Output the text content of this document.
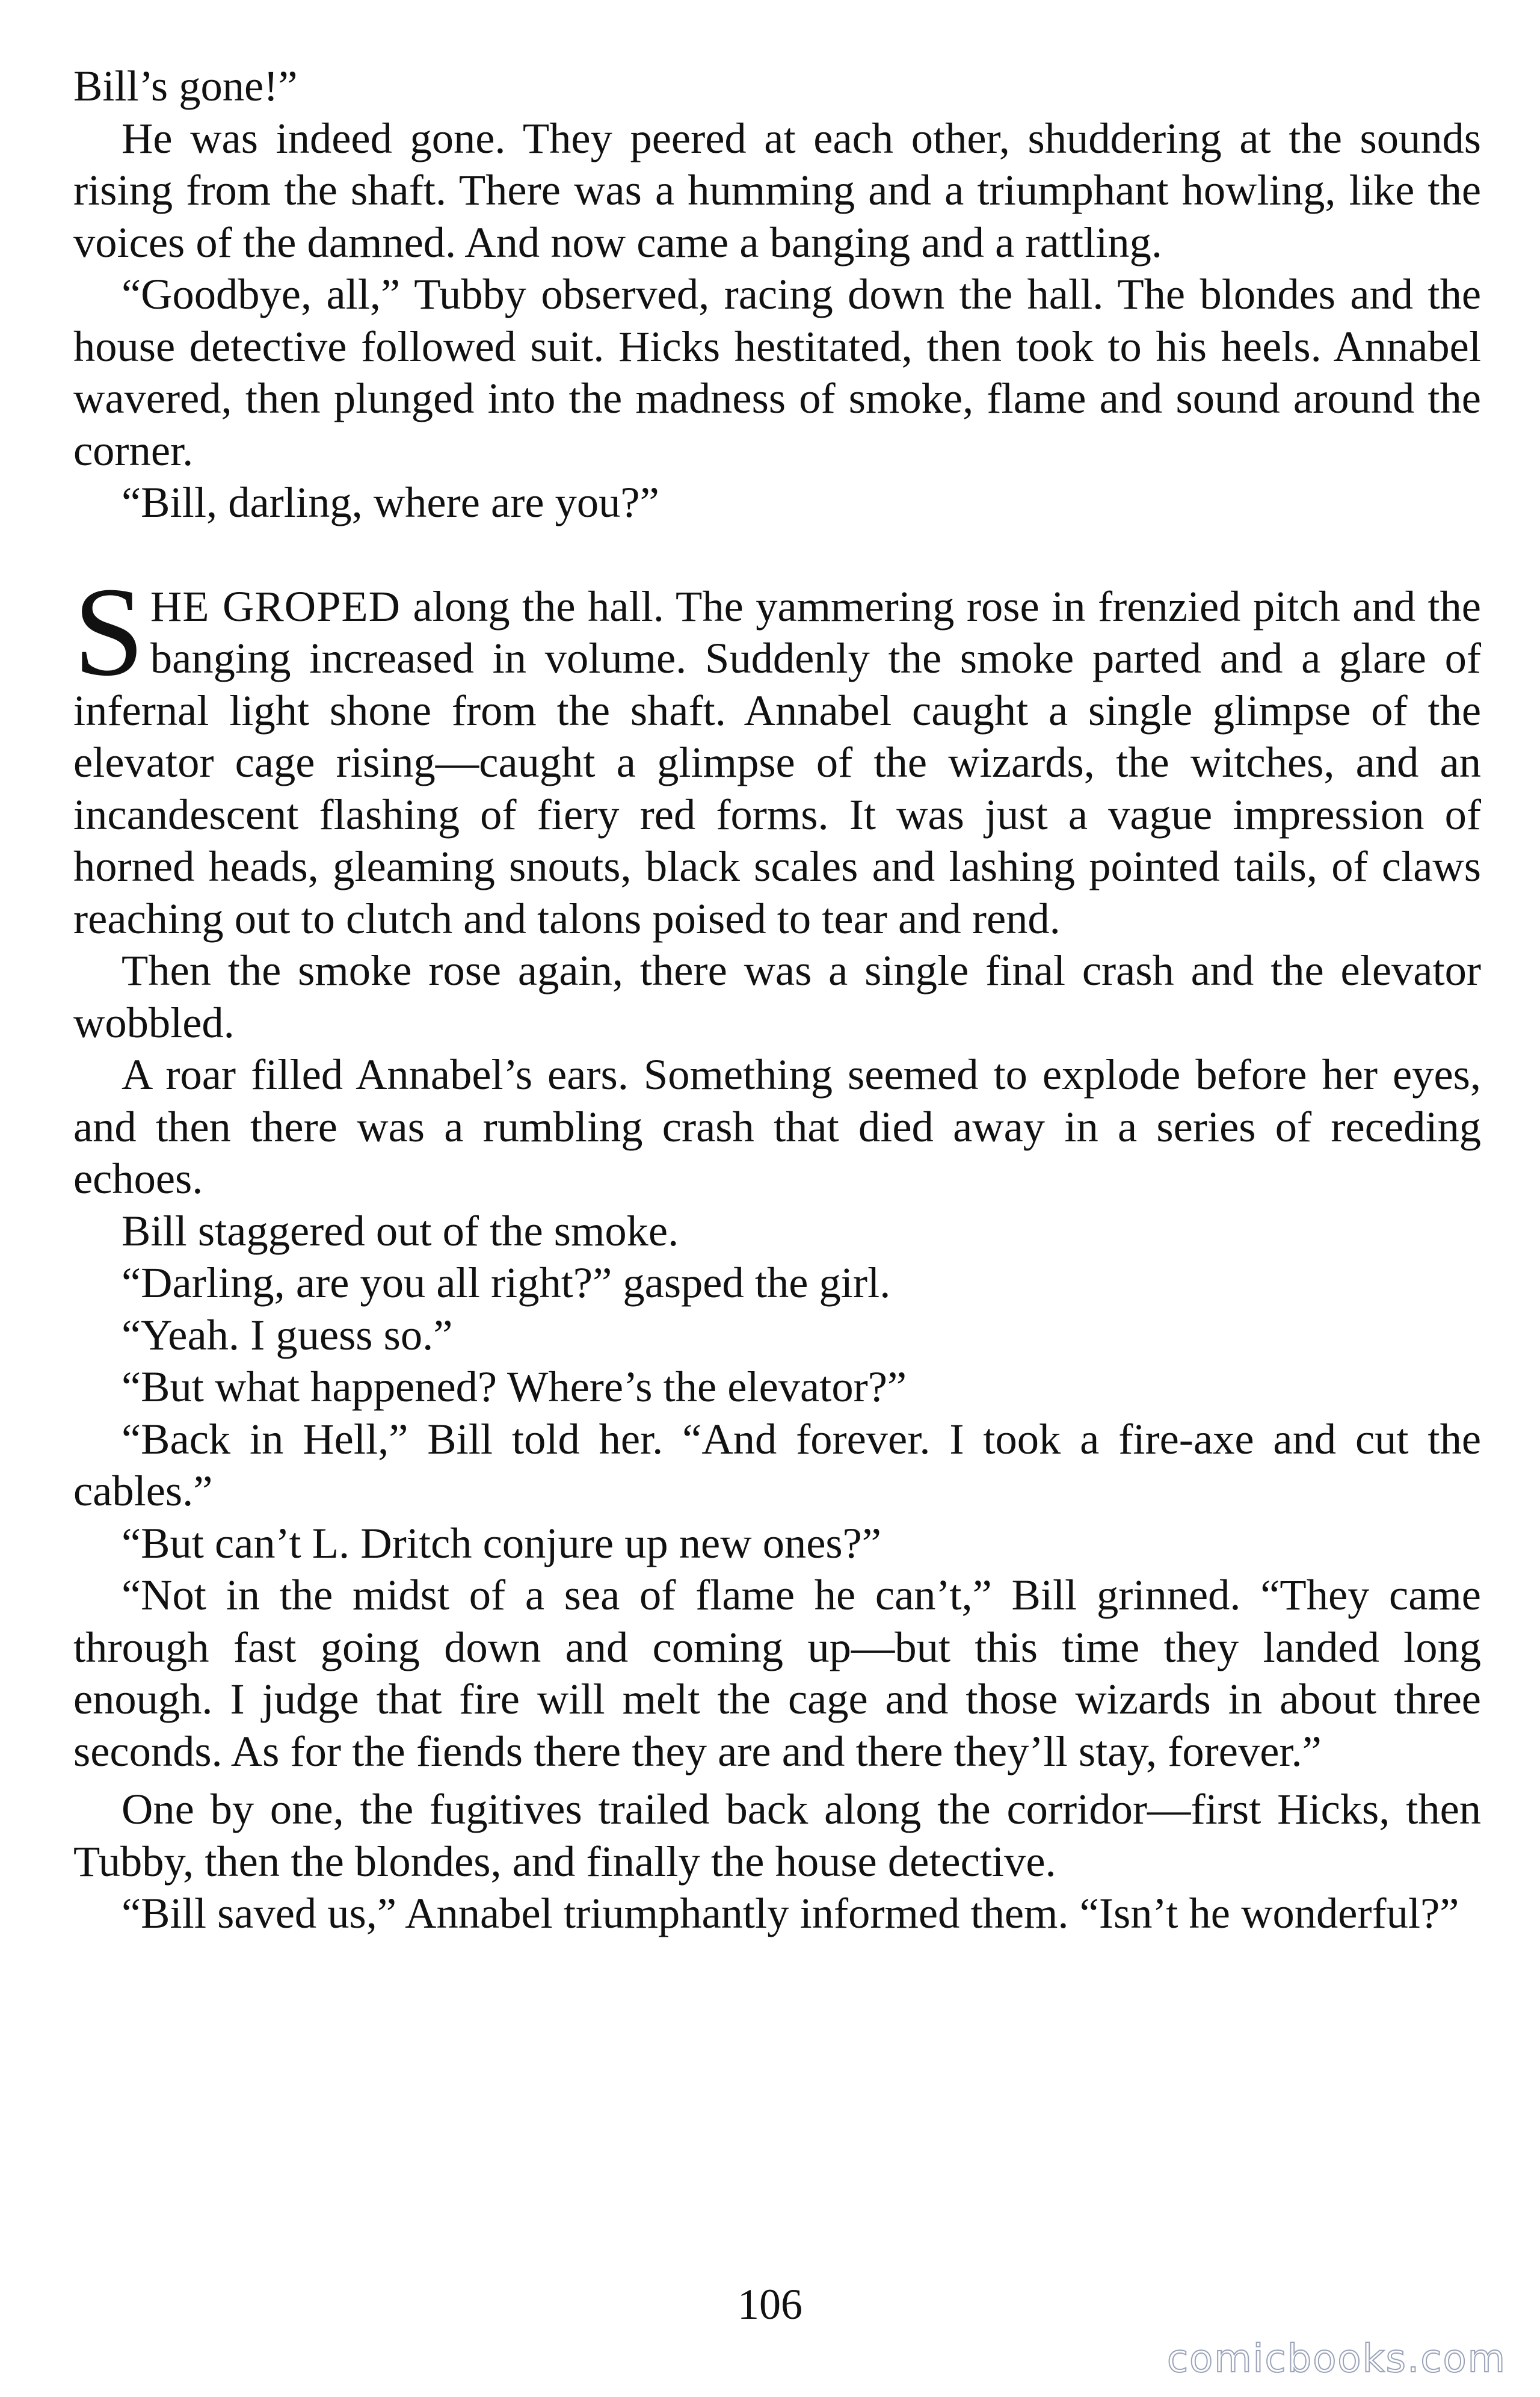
Bill’s gone!”

He was indeed gone. They peered at each other, shuddering at the sounds rising from the shaft. There was a humming and a triumphant howling, like the voices of the damned. And now came a banging and a rattling.

“Goodbye, all,” Tubby observed, racing down the hall. The blondes and the house detective followed suit. Hicks hestitated, then took to his heels. Annabel wavered, then plunged into the madness of smoke, flame and sound around the corner.

“Bill, darling, where are you?”

SHE GROPED along the hall. The yammering rose in frenzied pitch and the banging increased in volume. Suddenly the smoke parted and a glare of infernal light shone from the shaft. Annabel caught a single glimpse of the elevator cage rising—caught a glimpse of the wizards, the witches, and an incandescent flashing of fiery red forms. It was just a vague impression of horned heads, gleaming snouts, black scales and lashing pointed tails, of claws reaching out to clutch and talons poised to tear and rend.

Then the smoke rose again, there was a single final crash and the elevator wobbled.

A roar filled Annabel’s ears. Something seemed to explode before her eyes, and then there was a rumbling crash that died away in a series of receding echoes.

Bill staggered out of the smoke.

“Darling, are you all right?” gasped the girl.

“Yeah. I guess so.”

“But what happened? Where’s the elevator?”

“Back in Hell,” Bill told her. “And forever. I took a fire-axe and cut the cables.”

“But can’t L. Dritch conjure up new ones?”

“Not in the midst of a sea of flame he can’t,” Bill grinned. “They came through fast going down and coming up—but this time they landed long enough. I judge that fire will melt the cage and those wizards in about three seconds. As for the fiends there they are and there they’ll stay, forever.”

One by one, the fugitives trailed back along the corridor—first Hicks, then Tubby, then the blondes, and finally the house detective.

“Bill saved us,” Annabel triumphantly informed them. “Isn’t he wonderful?”

106
comicbooks.com
